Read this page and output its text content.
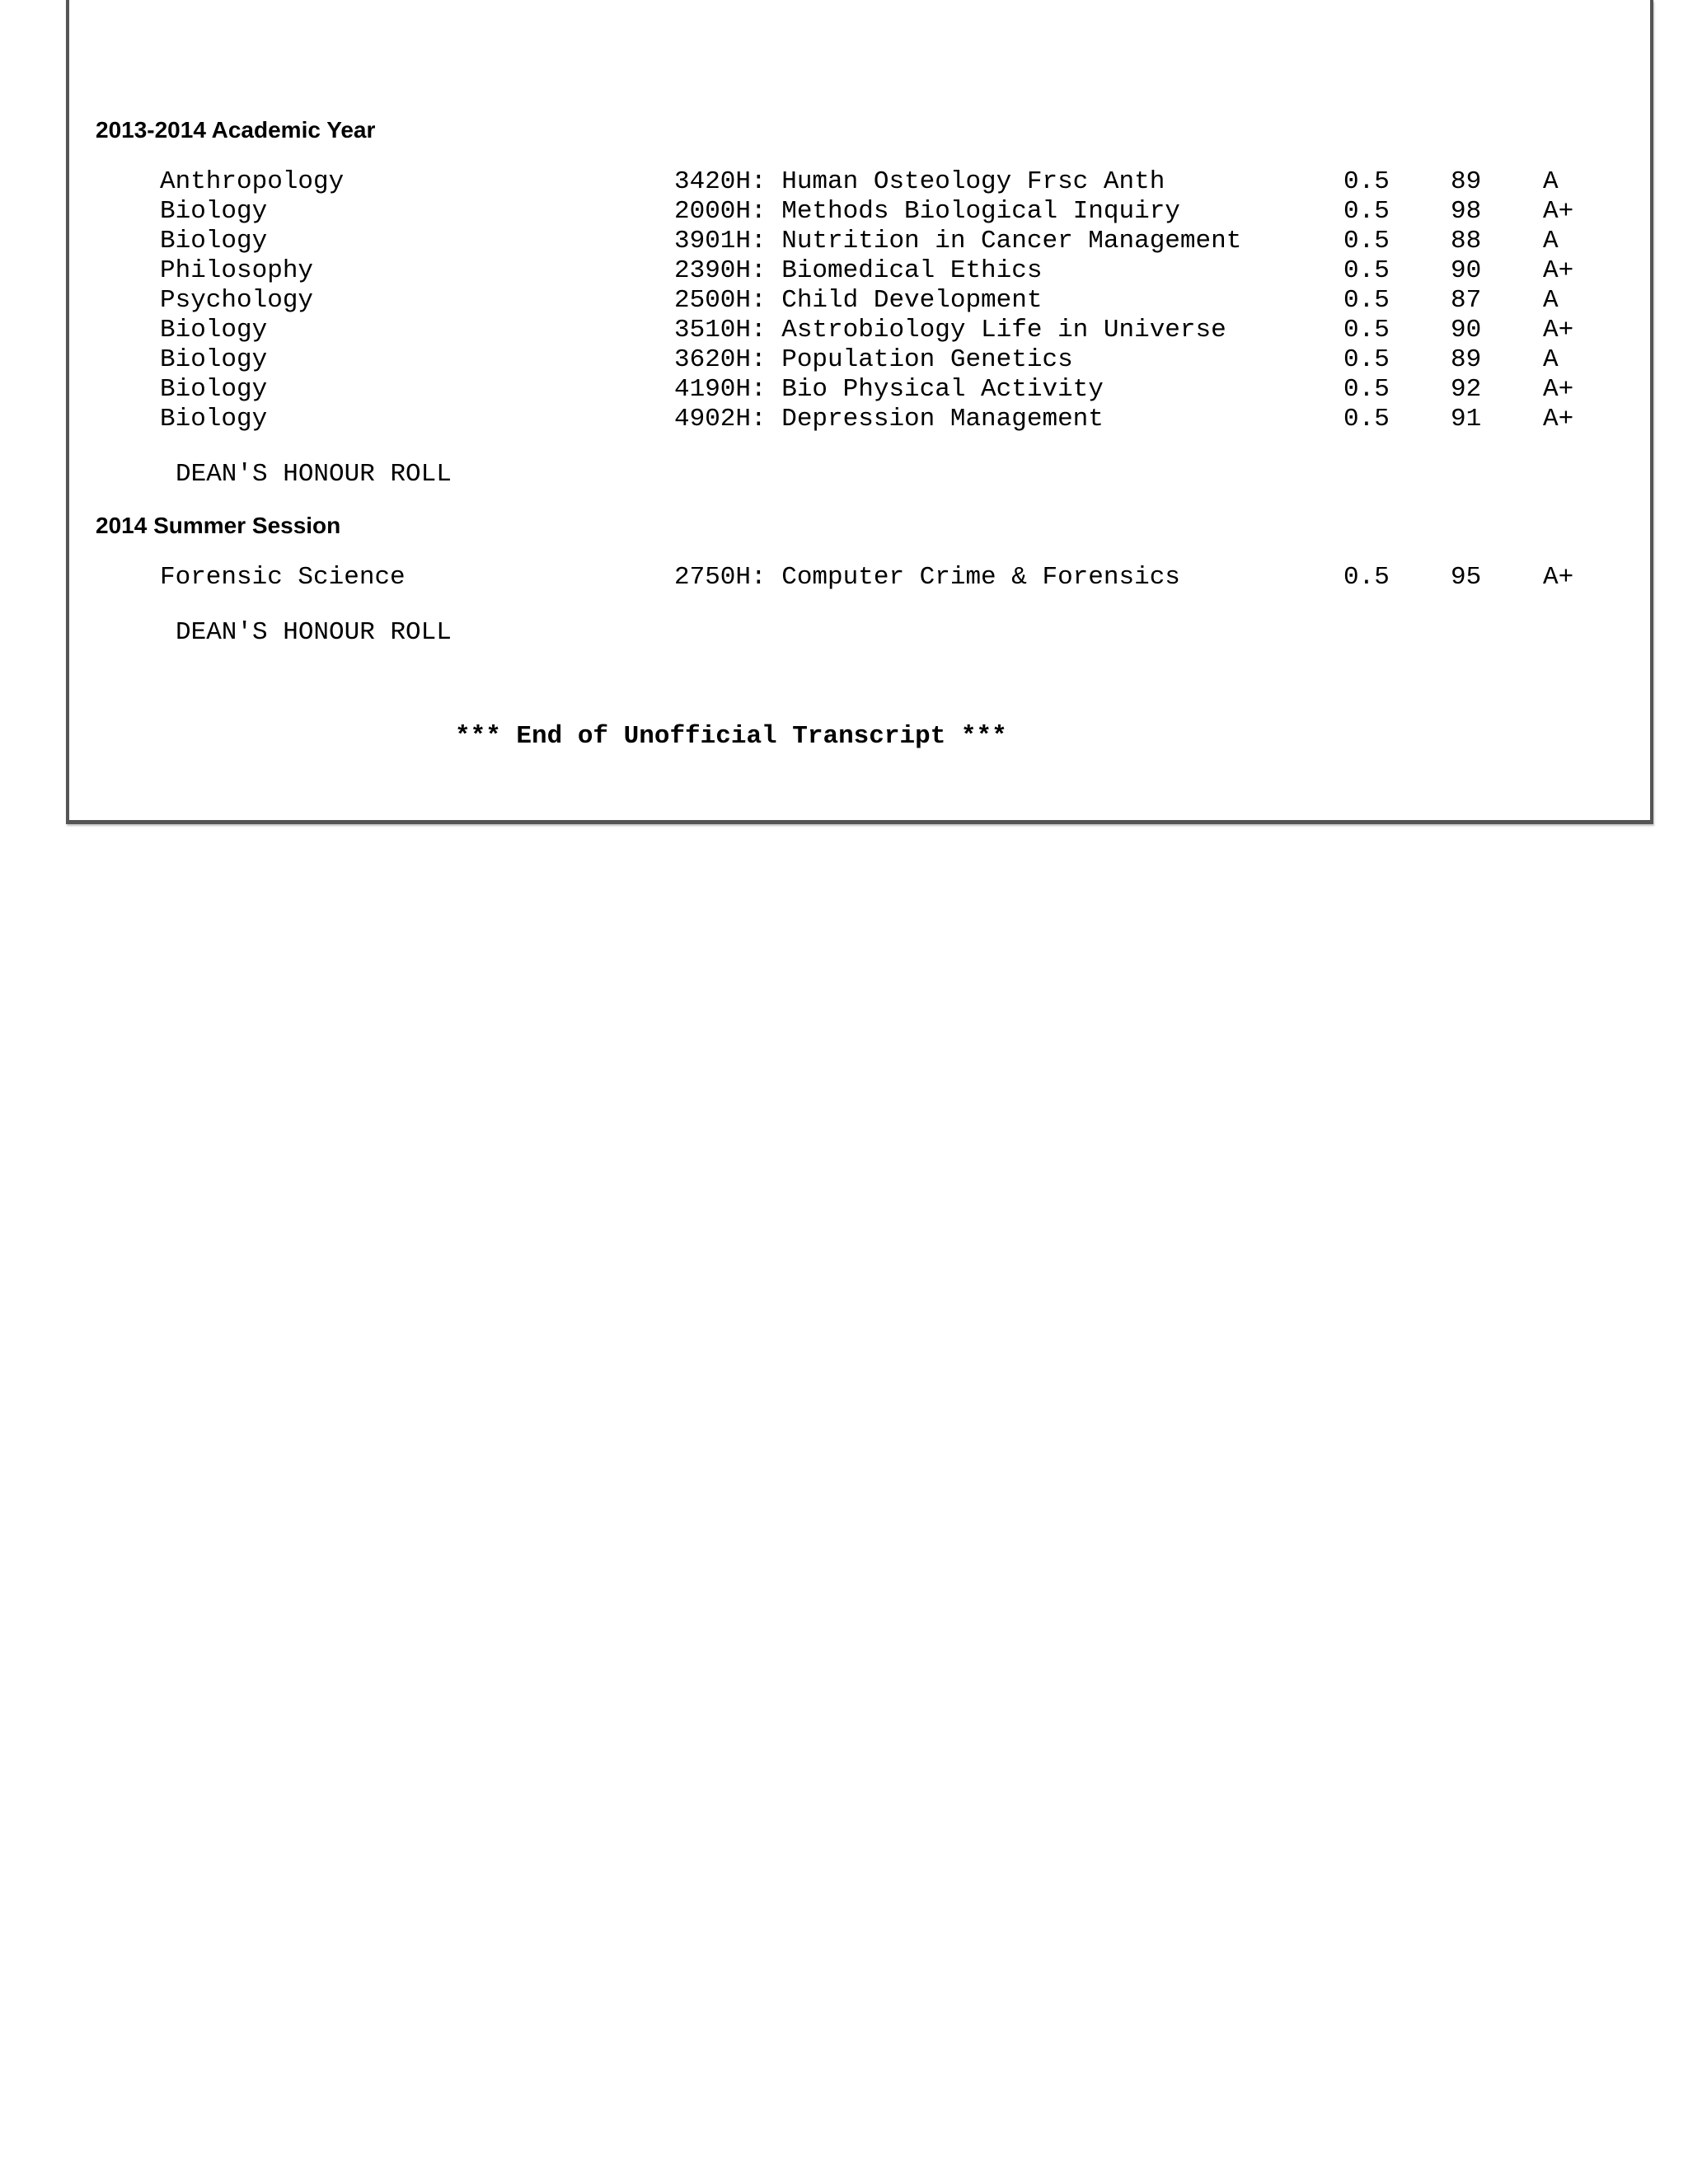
2013-2014 Academic Year
Anthropology	3420H: Human Osteology Frsc Anth	0.5 89 A
Biology	2000H: Methods Biological Inquiry	0.5 98 A+
Biology	3901H: Nutrition in Cancer Management	0.5 88 A
Philosophy	2390H: Biomedical Ethics	0.5 90 A+
Psychology	2500H: Child Development	0.5 87 A
Biology	3510H: Astrobiology Life in Universe	0.5 90 A+
Biology	3620H: Population Genetics	0.5 89 A
Biology	4190H: Bio Physical Activity	0.5 92 A+
Biology	4902H: Depression Management	0.5 91 A+
DEAN'S HONOUR ROLL
2014 Summer Session
Forensic Science	2750H: Computer Crime & Forensics	0.5 95 A+
DEAN'S HONOUR ROLL
*** End of Unofficial Transcript ***
